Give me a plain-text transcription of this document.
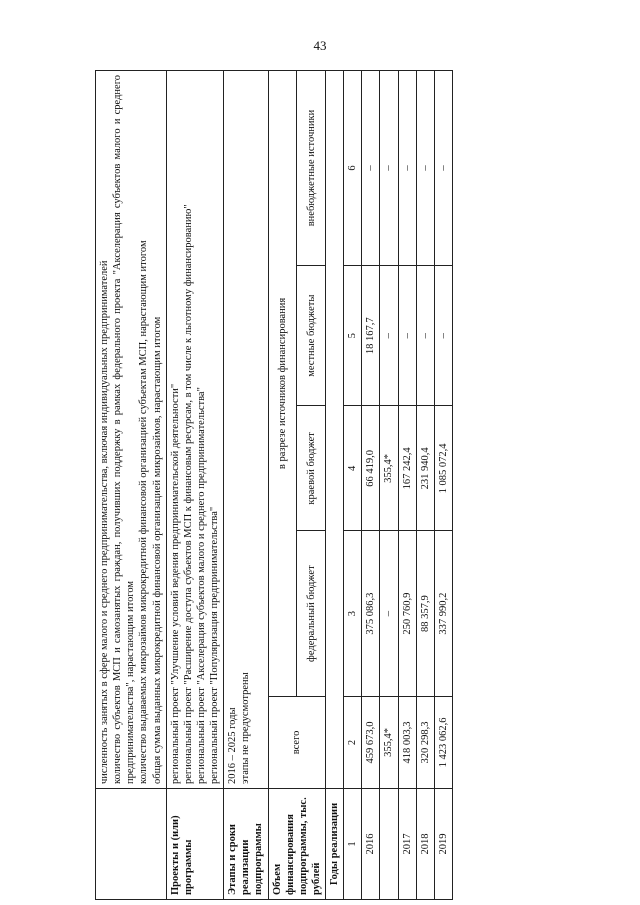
43

	численность занятых в сфере малого и среднего предпринимательства, включая индивидуальных предпринимателей количество субъектов МСП и самозанятых граждан, получивших поддержку в рамках федерального проекта "Акселерация субъектов малого и среднего предпринимательства", нарастающим итогом количество выдаваемых микрозаймов микрокредитной финансовой организацией субъектам МСП, нарастающим итогом общая сумма выданных микрокредитной финансовой организацией микрозаймов, нарастающим итогом				

Проекты и (или) программы	региональный проект "Улучшение условий ведения предпринимательской деятельности" региональный проект "Расширение доступа субъектов МСП к финансовым ресурсам, в том числе к льготному финансированию" региональный проект "Акселерация субъектов малого и среднего предпринимательства" региональный проект "Популяризация предпринимательства"				

Этапы и сроки реализации подпрограммы	2016 – 2025 годы этапы не предусмотрены				

Объем финансирования подпрограммы, тыс. рублей	всего	в разрезе источников финансирования			
		федеральный бюджет	краевой бюджет	местные бюджеты	внебюджетные источники
Годы реализации					
1	2	3	4	5	6
2016	459 673,0	375 086,3	66 419,0	18 167,7	–
	355,4*	–	355,4*	–	–
2017	418 003,3	250 760,9	167 242,4	–	–
2018	320 298,3	88 357,9	231 940,4	–	–
2019	1 423 062,6	337 990,2	1 085 072,4	–	–
